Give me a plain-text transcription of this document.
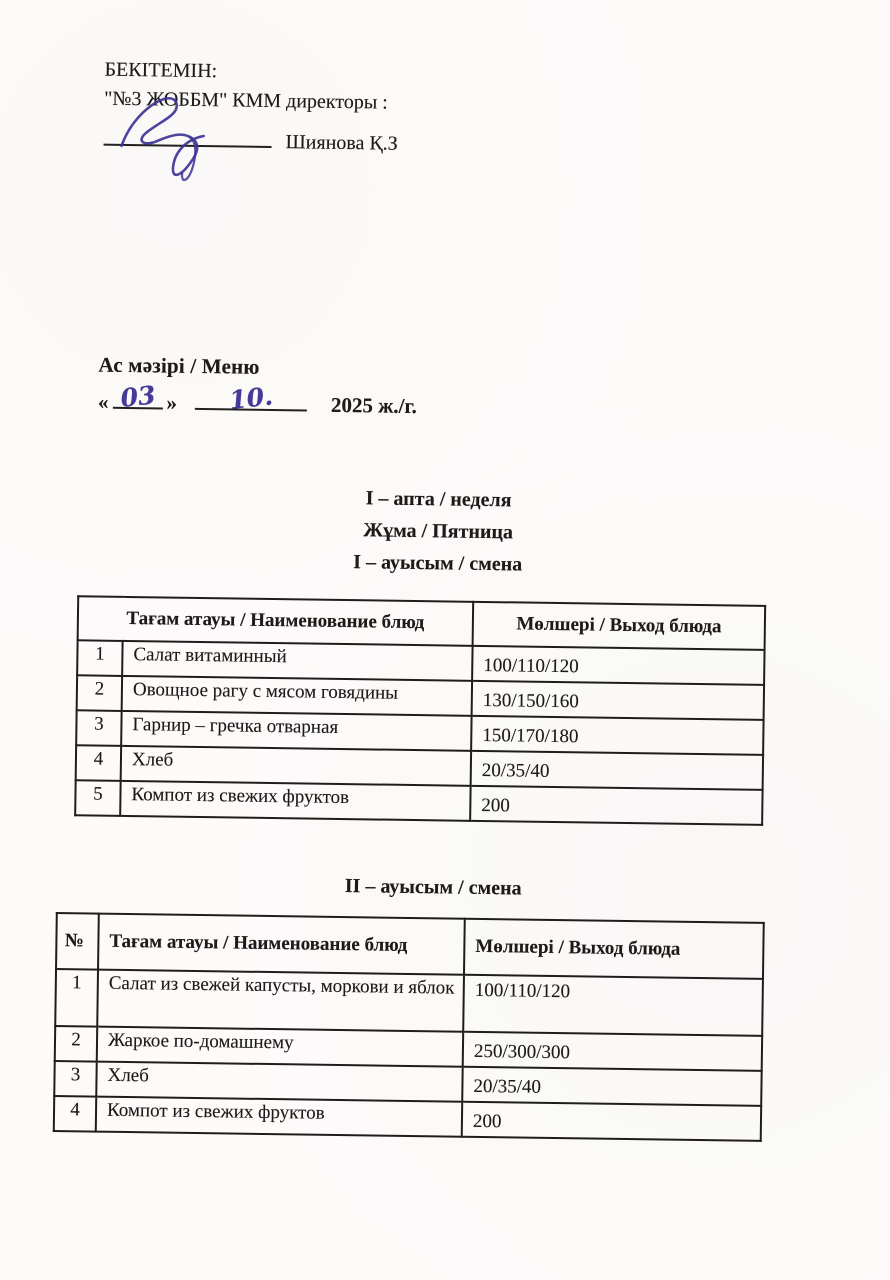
БЕКІТЕМІН:
"№3 ЖОББМ" КММ директоры :
Шиянова Қ.З
Ас мәзірі / Меню
« 03 » 10.	2025 ж./г.
I – апта / неделя
Жұма / Пятница
I – ауысым / смена
Тағам атауы / Наименование блюд		Мөлшері / Выход блюда
1	Салат витаминный	100/110/120
2	Овощное рагу с мясом говядины	130/150/160
3	Гарнир – гречка отварная	150/170/180
4	Хлеб	20/35/40
5	Компот из свежих фруктов	200
II – ауысым / смена
№	Тағам атауы / Наименование блюд	Мөлшері / Выход блюда
1	Салат из свежей капусты, моркови и яблок	100/110/120
2	Жаркое по-домашнему	250/300/300
3	Хлеб	20/35/40
4	Компот из свежих фруктов	200
